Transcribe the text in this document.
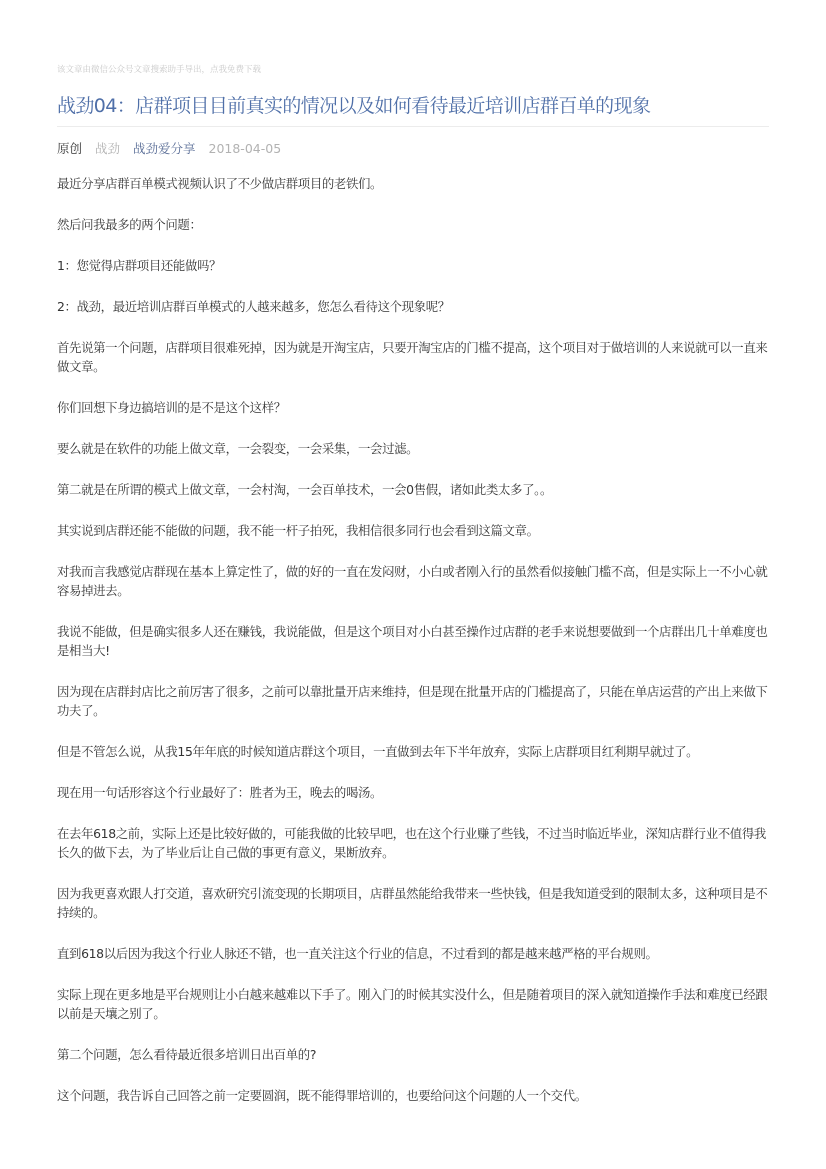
该文章由微信公众号文章搜索助手导出，点我免费下载
战劲04：店群项目目前真实的情况以及如何看待最近培训店群百单的现象
原创 战劲 战劲爱分享 2018-04-05

最近分享店群百单模式视频认识了不少做店群项目的老铁们。

然后问我最多的两个问题：

1：您觉得店群项目还能做吗？

2：战劲，最近培训店群百单模式的人越来越多，您怎么看待这个现象呢？

首先说第一个问题，店群项目很难死掉，因为就是开淘宝店，只要开淘宝店的门槛不提高，这个项目对于做培训的人来说就可以一直来做文章。

你们回想下身边搞培训的是不是这个这样？

要么就是在软件的功能上做文章，一会裂变，一会采集，一会过滤。

第二就是在所谓的模式上做文章，一会村淘，一会百单技术，一会0售假，诸如此类太多了。。

其实说到店群还能不能做的问题，我不能一杆子拍死，我相信很多同行也会看到这篇文章。

对我而言我感觉店群现在基本上算定性了，做的好的一直在发闷财，小白或者刚入行的虽然看似接触门槛不高，但是实际上一不小心就容易掉进去。

我说不能做，但是确实很多人还在赚钱，我说能做，但是这个项目对小白甚至操作过店群的老手来说想要做到一个店群出几十单难度也是相当大!

因为现在店群封店比之前厉害了很多，之前可以靠批量开店来维持，但是现在批量开店的门槛提高了，只能在单店运营的产出上来做下功夫了。

但是不管怎么说，从我15年年底的时候知道店群这个项目，一直做到去年下半年放弃，实际上店群项目红利期早就过了。

现在用一句话形容这个行业最好了：胜者为王，晚去的喝汤。

在去年618之前，实际上还是比较好做的，可能我做的比较早吧，也在这个行业赚了些钱，不过当时临近毕业，深知店群行业不值得我长久的做下去，为了毕业后让自己做的事更有意义，果断放弃。

因为我更喜欢跟人打交道，喜欢研究引流变现的长期项目，店群虽然能给我带来一些快钱，但是我知道受到的限制太多，这种项目是不持续的。

直到618以后因为我这个行业人脉还不错，也一直关注这个行业的信息，不过看到的都是越来越严格的平台规则。

实际上现在更多地是平台规则让小白越来越难以下手了。刚入门的时候其实没什么，但是随着项目的深入就知道操作手法和难度已经跟以前是天壤之别了。

第二个问题，怎么看待最近很多培训日出百单的?

这个问题，我告诉自己回答之前一定要圆润，既不能得罪培训的，也要给问这个问题的人一个交代。
